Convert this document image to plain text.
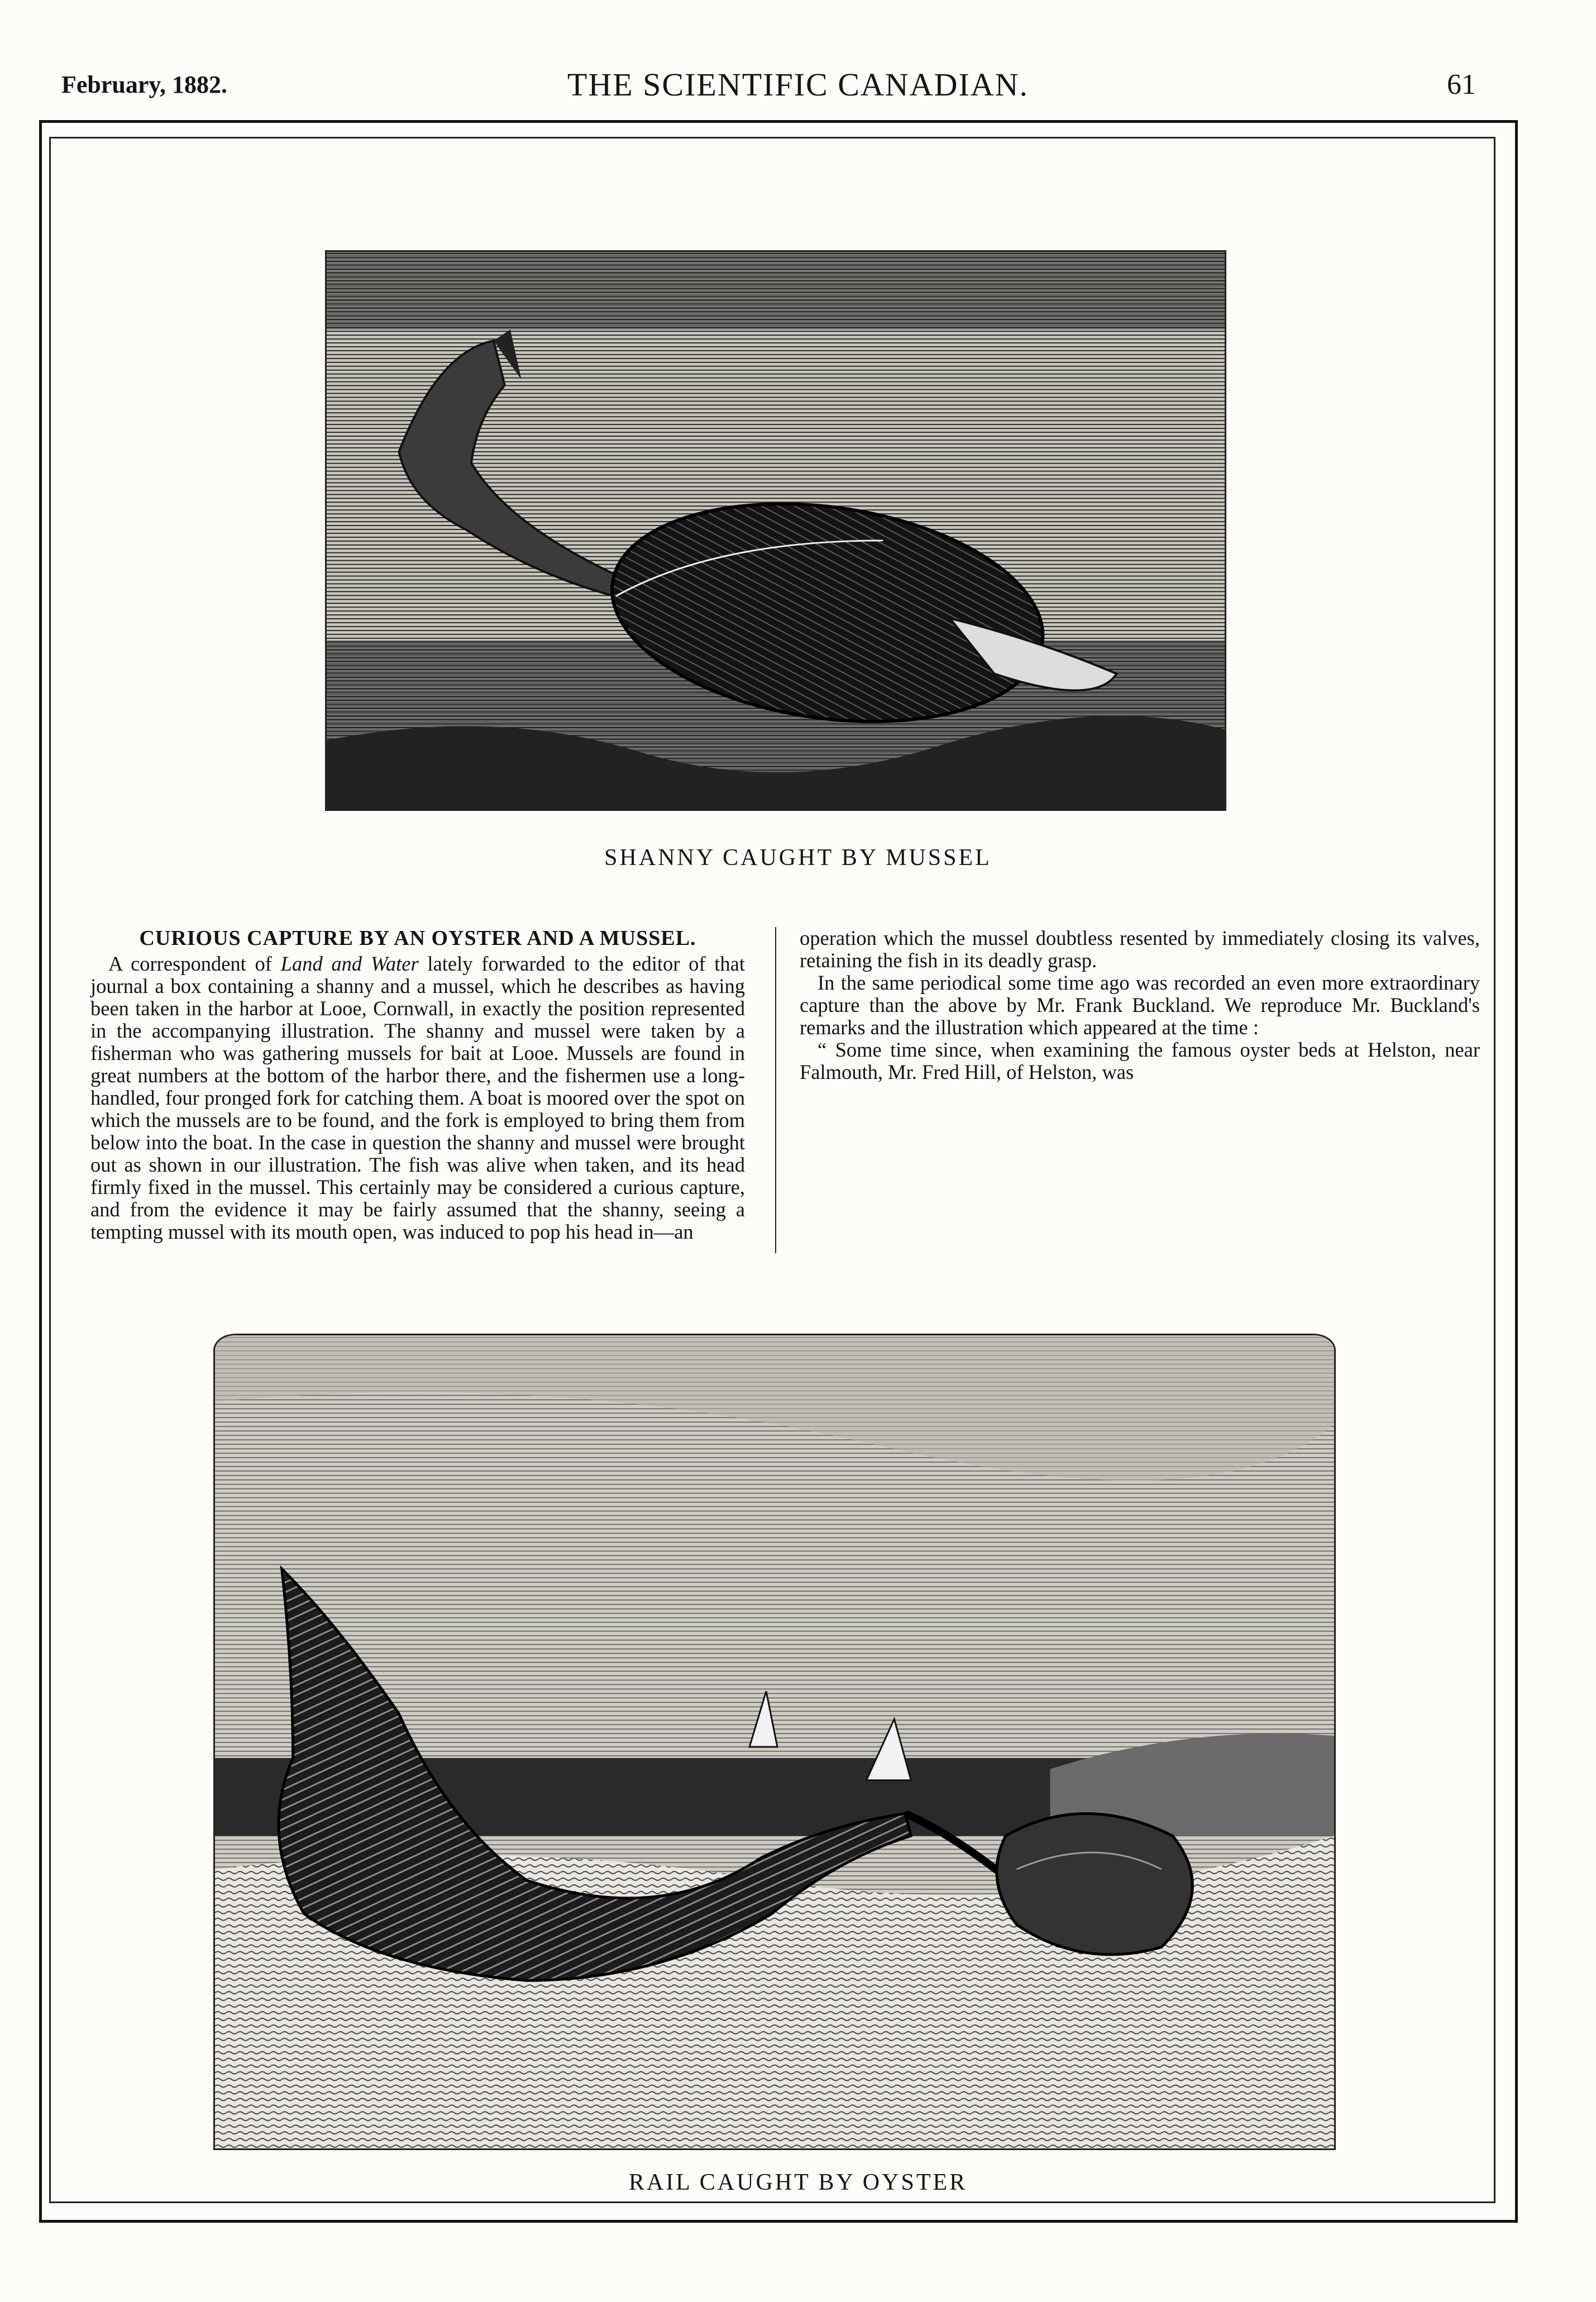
February, 1882.	THE SCIENTIFIC CANADIAN.	61
SHANNY CAUGHT BY MUSSEL
CURIOUS CAPTURE BY AN OYSTER AND A MUSSEL.

A correspondent of Land and Water lately forwarded to the editor of that journal a box containing a shanny and a mussel, which he describes as having been taken in the harbor at Looe, Cornwall, in exactly the position represented in the accompanying illustration. The shanny and mussel were taken by a fisherman who was gathering mussels for bait at Looe. Mussels are found in great numbers at the bottom of the harbor there, and the fishermen use a long-handled, four pronged fork for catching them. A boat is moored over the spot on which the mussels are to be found, and the fork is employed to bring them from below into the boat. In the case in question the shanny and mussel were brought out as shown in our illustration. The fish was alive when taken, and its head firmly fixed in the mussel. This certainly may be considered a curious capture, and from the evidence it may be fairly assumed that the shanny, seeing a tempting mussel with its mouth open, was induced to pop his head in—an

operation which the mussel doubtless resented by immediately closing its valves, retaining the fish in its deadly grasp.

In the same periodical some time ago was recorded an even more extraordinary capture than the above by Mr. Frank Buckland. We reproduce Mr. Buckland's remarks and the illustration which appeared at the time :

“ Some time since, when examining the famous oyster beds at Helston, near Falmouth, Mr. Fred Hill, of Helston, was

RAIL CAUGHT BY OYSTER
